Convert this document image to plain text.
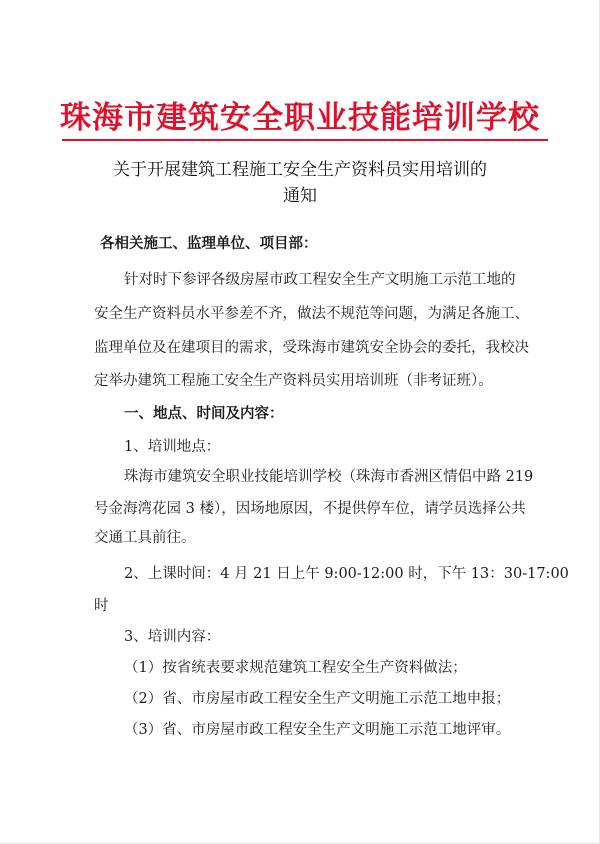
珠海市建筑安全职业技能培训学校
关于开展建筑工程施工安全生产资料员实用培训的
通知
各相关施工、监理单位、项目部：
针对时下参评各级房屋市政工程安全生产文明施工示范工地的
安全生产资料员水平参差不齐，做法不规范等问题，为满足各施工、
监理单位及在建项目的需求，受珠海市建筑安全协会的委托，我校决
定举办建筑工程施工安全生产资料员实用培训班（非考证班）。
一、地点、时间及内容：
1、培训地点：
珠海市建筑安全职业技能培训学校（珠海市香洲区情侣中路 219
号金海湾花园 3 楼），因场地原因，不提供停车位，请学员选择公共
交通工具前往。
2、上课时间：4 月 21 日上午 9:00-12:00 时，下午 13：30-17:00
时
3、培训内容：
（1）按省统表要求规范建筑工程安全生产资料做法；
（2）省、市房屋市政工程安全生产文明施工示范工地申报；
（3）省、市房屋市政工程安全生产文明施工示范工地评审。
